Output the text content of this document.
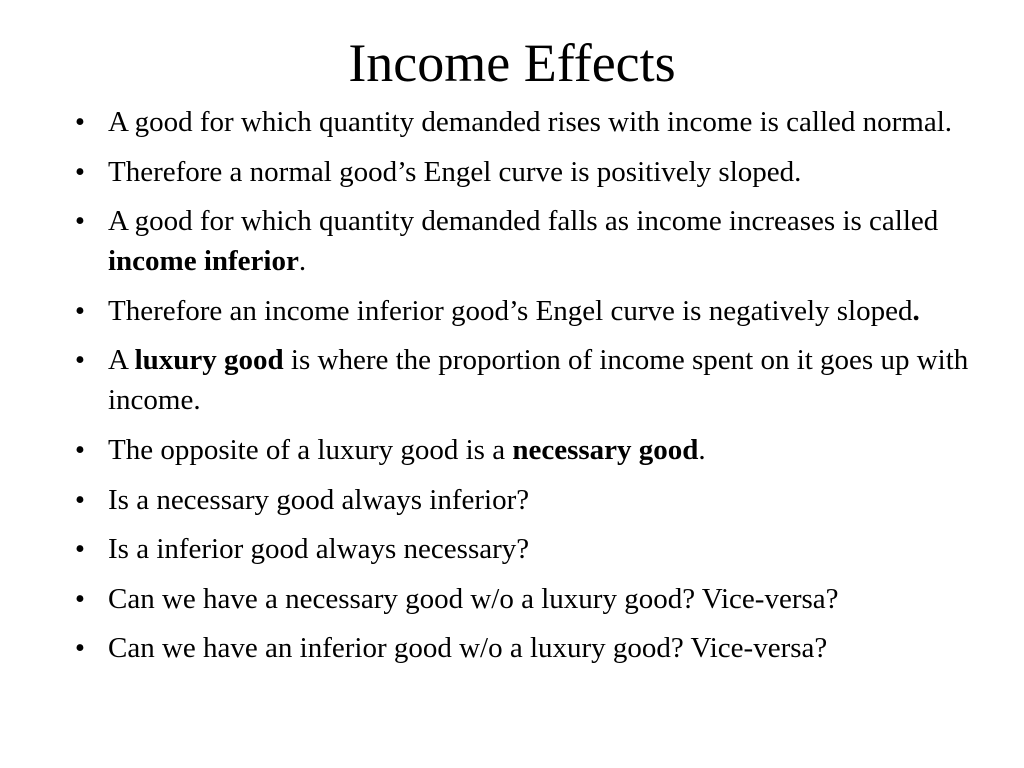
Income Effects
• A good for which quantity demanded rises with income is called normal.
• Therefore a normal good’s Engel curve is positively sloped.
• A good for which quantity demanded falls as income increases is called income inferior.
• Therefore an income inferior good’s Engel curve is negatively sloped.
• A luxury good is where the proportion of income spent on it goes up with income.
• The opposite of a luxury good is a necessary good.
• Is a necessary good always inferior?
• Is a inferior good always necessary?
• Can we have a necessary good w/o a luxury good? Vice-versa?
• Can we have an inferior good w/o a luxury good? Vice-versa?
